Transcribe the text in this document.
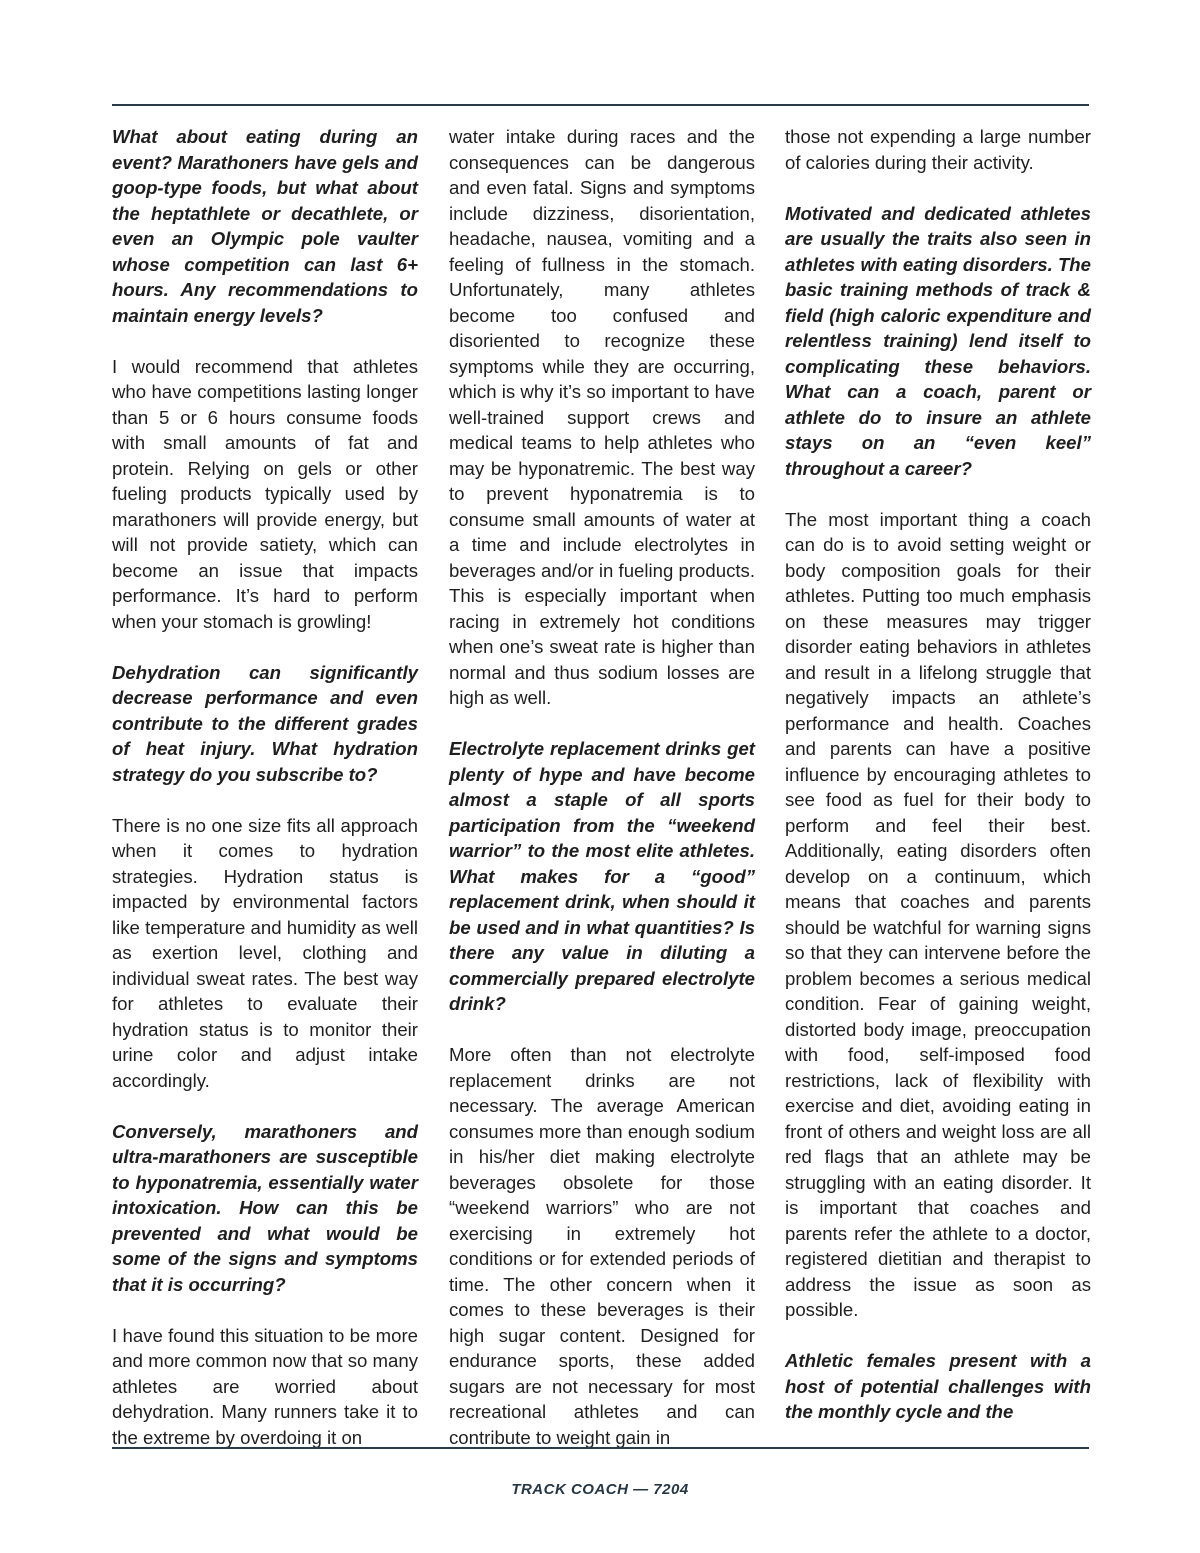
What about eating during an event? Marathoners have gels and goop-type foods, but what about the heptathlete or decathlete, or even an Olympic pole vaulter whose competition can last 6+ hours. Any recommendations to maintain energy levels?

I would recommend that athletes who have competitions lasting longer than 5 or 6 hours consume foods with small amounts of fat and protein. Relying on gels or other fueling products typically used by marathoners will provide energy, but will not provide satiety, which can become an issue that impacts performance. It’s hard to perform when your stomach is growling!

Dehydration can significantly decrease performance and even contribute to the different grades of heat injury. What hydration strategy do you subscribe to?

There is no one size fits all approach when it comes to hydration strategies. Hydration status is impacted by environmental factors like temperature and humidity as well as exertion level, clothing and individual sweat rates. The best way for athletes to evaluate their hydration status is to monitor their urine color and adjust intake accordingly.

Conversely, marathoners and ultra-marathoners are susceptible to hyponatremia, essentially water intoxication. How can this be prevented and what would be some of the signs and symptoms that it is occurring?

I have found this situation to be more and more common now that so many athletes are worried about dehydration. Many runners take it to the extreme by overdoing it on

water intake during races and the consequences can be dangerous and even fatal. Signs and symptoms include dizziness, disorientation, headache, nausea, vomiting and a feeling of fullness in the stomach. Unfortunately, many athletes become too confused and disoriented to recognize these symptoms while they are occurring, which is why it’s so important to have well-trained support crews and medical teams to help athletes who may be hyponatremic. The best way to prevent hyponatremia is to consume small amounts of water at a time and include electrolytes in beverages and/or in fueling products. This is especially important when racing in extremely hot conditions when one’s sweat rate is higher than normal and thus sodium losses are high as well.

Electrolyte replacement drinks get plenty of hype and have become almost a staple of all sports participation from the “weekend warrior” to the most elite athletes. What makes for a “good” replacement drink, when should it be used and in what quantities? Is there any value in diluting a commercially prepared electrolyte drink?

More often than not electrolyte replacement drinks are not necessary. The average American consumes more than enough sodium in his/her diet making electrolyte beverages obsolete for those “weekend warriors” who are not exercising in extremely hot conditions or for extended periods of time. The other concern when it comes to these beverages is their high sugar content. Designed for endurance sports, these added sugars are not necessary for most recreational athletes and can contribute to weight gain in

those not expending a large number of calories during their activity.

Motivated and dedicated athletes are usually the traits also seen in athletes with eating disorders. The basic training methods of track & field (high caloric expenditure and relentless training) lend itself to complicating these behaviors. What can a coach, parent or athlete do to insure an athlete stays on an “even keel” throughout a career?

The most important thing a coach can do is to avoid setting weight or body composition goals for their athletes. Putting too much emphasis on these measures may trigger disorder eating behaviors in athletes and result in a lifelong struggle that negatively impacts an athlete’s performance and health. Coaches and parents can have a positive influence by encouraging athletes to see food as fuel for their body to perform and feel their best. Additionally, eating disorders often develop on a continuum, which means that coaches and parents should be watchful for warning signs so that they can intervene before the problem becomes a serious medical condition. Fear of gaining weight, distorted body image, preoccupation with food, self-imposed food restrictions, lack of flexibility with exercise and diet, avoiding eating in front of others and weight loss are all red flags that an athlete may be struggling with an eating disorder. It is important that coaches and parents refer the athlete to a doctor, registered dietitian and therapist to address the issue as soon as possible.

Athletic females present with a host of potential challenges with the monthly cycle and the

TRACK COACH — 7204
